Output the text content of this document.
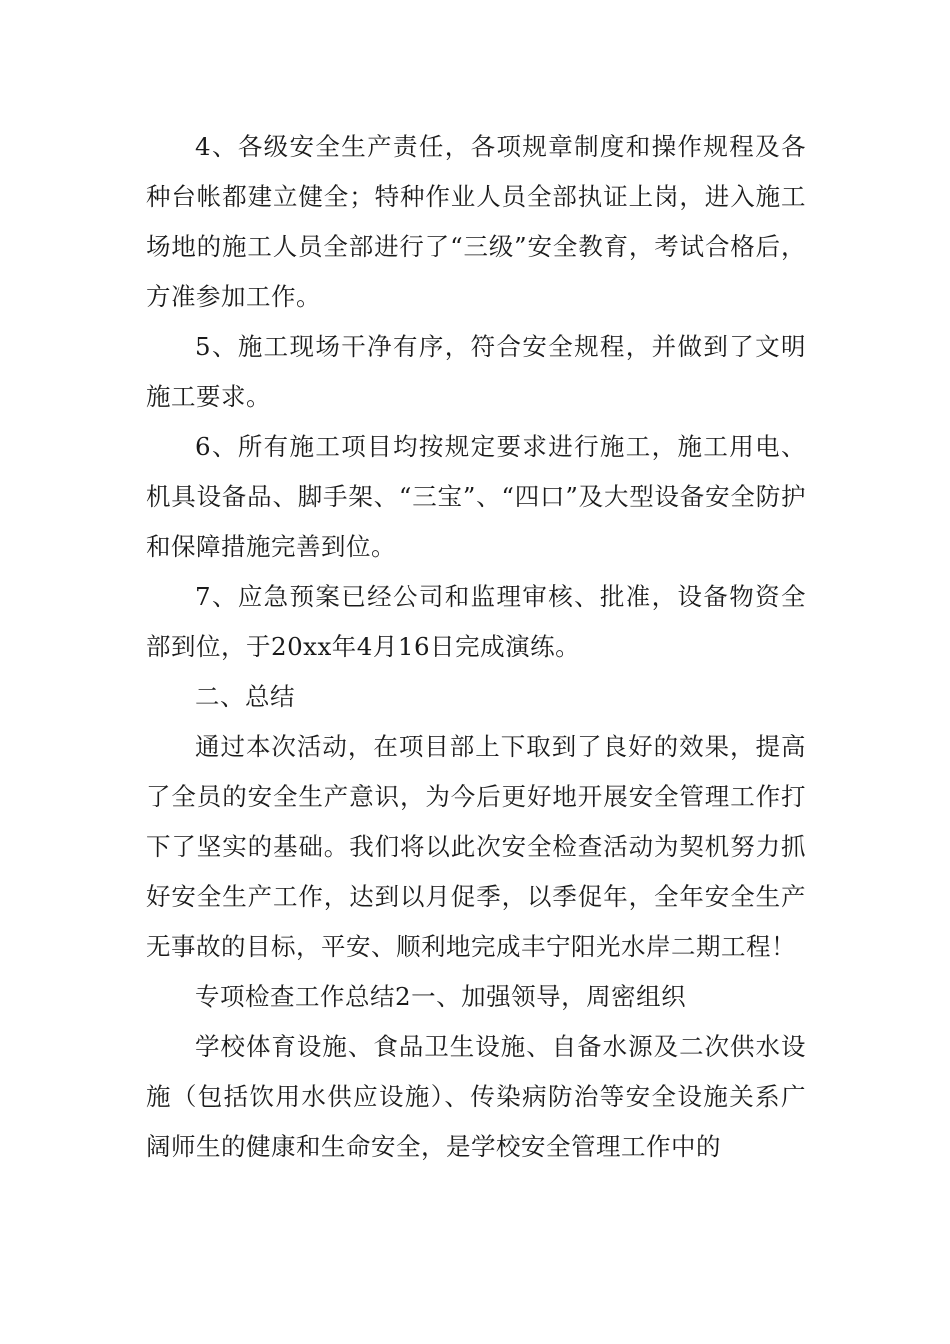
4、各级安全生产责任，各项规章制度和操作规程及各种台帐都建立健全；特种作业人员全部执证上岗，进入施工场地的施工人员全部进行了“三级”安全教育，考试合格后，方准参加工作。

5、施工现场干净有序，符合安全规程，并做到了文明施工要求。

6、所有施工项目均按规定要求进行施工，施工用电、机具设备品、脚手架、“三宝”、“四口”及大型设备安全防护和保障措施完善到位。

7、应急预案已经公司和监理审核、批准，设备物资全部到位，于20xx年4月16日完成演练。

二、总结

通过本次活动，在项目部上下取到了良好的效果，提高了全员的安全生产意识，为今后更好地开展安全管理工作打下了坚实的基础。我们将以此次安全检查活动为契机努力抓好安全生产工作，达到以月促季，以季促年，全年安全生产无事故的目标，平安、顺利地完成丰宁阳光水岸二期工程！

专项检查工作总结2一、加强领导，周密组织

学校体育设施、食品卫生设施、自备水源及二次供水设施（包括饮用水供应设施）、传染病防治等安全设施关系广阔师生的健康和生命安全，是学校安全管理工作中的
